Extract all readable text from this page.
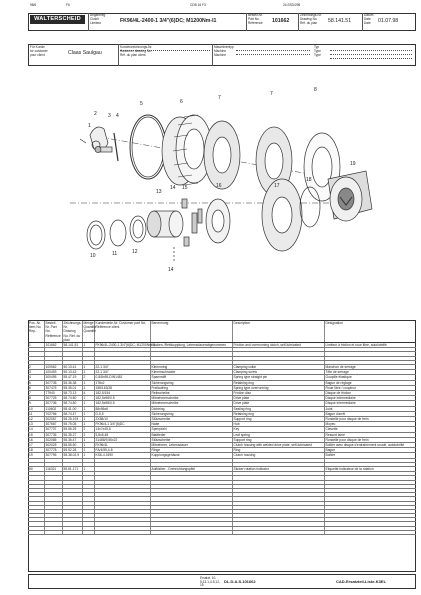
98/6	F6	CDB 16 F3	24.SSD/298
WALTERSCHEID
Abgabeleg
Clutch
Limiteur	FK96/4L-2400-1 3/4"(6)DC; M1200Nm-I1
Bestell-Nr.
Part No.
Référence 101662
Zeichnungs-Nr.
Drawing No.
Réf. du plan 58.141.51
Datum
Date
Date 01.07.98
Für Kunde
for customer
pour client	Claas Saulgau
Kundenzeichnungs-Nr.
Customer drawing No.
Réf. du plan client
Maschinentyp
Machine
Machine
Typ
Type
Type
2
1
3 4
5	6
7
7
8
10	11	12
13
14 15	16	17
18
19
14
Pos.-Nr. Item No. Rep.	Bestell-Nr. Part No. Référence	Zeichnungs-Nr. Drawing No. Réf. du plan	Menge Quantity Quantité	Kundenteile-Nr. Customer part No. Référence client	Benennung	Description	Désignation
1	101662	58.141.51	1	FK96/4L-2400-1 3/4"(6)DC; M1200Nm-I1	Nocken-/Reibkupplung, Lebensdauerabgenommen	Friction and overrunning clutch, self-lubricated	Limiteur à friction et roue libre, autolubrifié

2	100562	50.13.41	1	22-1 3/4"	Klemmring	Clamping collar	Manchon de serrage
3	100493	50.13.42	1	22-1 3/4"	Klemmschraube	Clamping screw	Tête de serrage
4	300495	55.47.19	2	0-5/8x55-DIN1481	Spannstift	Spring type straight pin	Goupille élastique
5	307735	55.36.38	1	178x2	Sicherungsring	Retaining ring	Bague de réglage
6	307475	55.35.01	1	158/163/28	Freilaufring	Spring type overrunning	Roue libre / coupleur
7	77940	58.73.13	4	182,5/154	Reibscheibe	Friction disc	Disque de friction
8	307725	58.74.80	1	182,5x98/0.5	Mitnehmerscheibe	Drive plate	Disque intermédiaire
9	307736	58.74.80	1	182,5x98/0.5	Mitnehmerscheibe	Drive plate	Disque intermédiaire
10	110602	58.41.00	1	88x56x6	Dichtring	Sealing ring	Joint
11	702766	58.74.47	1	D-5,5	Sicherungsring	Retaining ring	Bague d'arrêt
12	302067	58.25.193	1	ZX58/10	Stützscheibe	Support ring	Rondelle pour disque de frein
13	307667	55.75.05	1	FK96/4-1 3/4"(6)DC	Nabe	Hub	Moyeu
14	307737	55.56.25	2	14x7x45,5	Sperrpfahl	Key	Clavette
15	307735	55.35.27	2	5,8x5,48	Blattfeder	Leaf spring	Ressort lame
16	302085	55.36.47	1	31488/9,56x22	Stützscheibe	Support ring	Rondelle pour disque de frein
17	302025	58.55.50	1	FK96/4L	Mitnehmer, Lebensdauer	Clutch housing with welded drive plate, self-lubricated	Boîtier avec disque d'entraînement soudé, autolubrifié
18	307778	55.52.28	1	FA/4/55,4-8	Ringe	Ring	Bague
19	307795	55.38.02,9	1	KS6-4 2490	Kupplungsgehäuse	Clutch housing	Boîtier

50	116321	55.61.171	1		Aufkleber - Drehrichtungspfeil	Sticker rotation indicator	Etiquette indicateur de la rotation

Ersatzt. 10-5,13-1,4-5,12-15
DL.D.A.S.101662	CAD-Ersatzteil-Liste-K3EL
